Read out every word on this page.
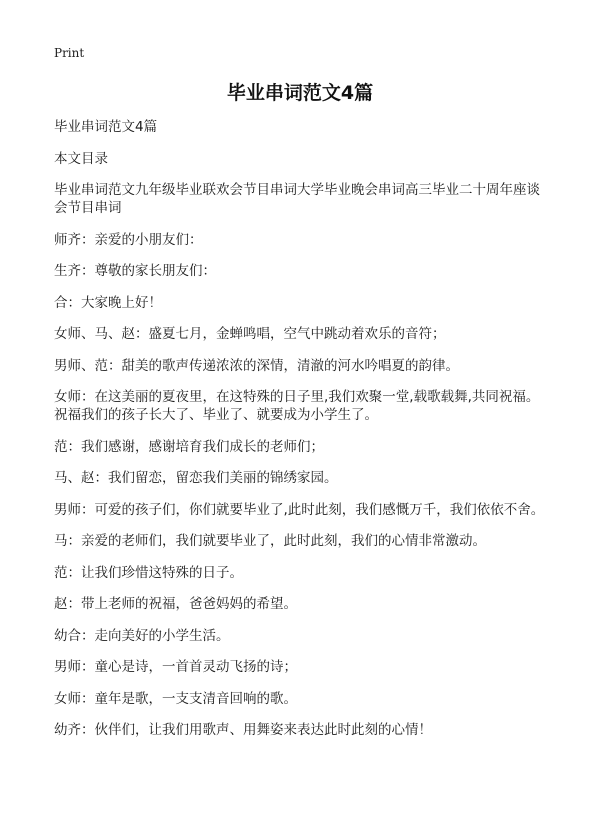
Print
毕业串词范文4篇

毕业串词范文4篇

本文目录

毕业串词范文九年级毕业联欢会节目串词大学毕业晚会串词高三毕业二十周年座谈会节目串词

师齐：亲爱的小朋友们：

生齐：尊敬的家长朋友们：

合：大家晚上好！

女师、马、赵：盛夏七月，金蝉鸣唱，空气中跳动着欢乐的音符；

男师、范：甜美的歌声传递浓浓的深情，清澈的河水吟唱夏的韵律。

女师：在这美丽的夏夜里，在这特殊的日子里,我们欢聚一堂,载歌载舞,共同祝福。祝福我们的孩子长大了、毕业了、就要成为小学生了。

范：我们感谢，感谢培育我们成长的老师们；

马、赵：我们留恋，留恋我们美丽的锦绣家园。

男师：可爱的孩子们，你们就要毕业了,此时此刻，我们感慨万千，我们依依不舍。

马：亲爱的老师们，我们就要毕业了，此时此刻，我们的心情非常激动。

范：让我们珍惜这特殊的日子。

赵：带上老师的祝福，爸爸妈妈的希望。

幼合：走向美好的小学生活。

男师：童心是诗，一首首灵动飞扬的诗；

女师：童年是歌，一支支清音回响的歌。

幼齐：伙伴们，让我们用歌声、用舞姿来表达此时此刻的心情！
